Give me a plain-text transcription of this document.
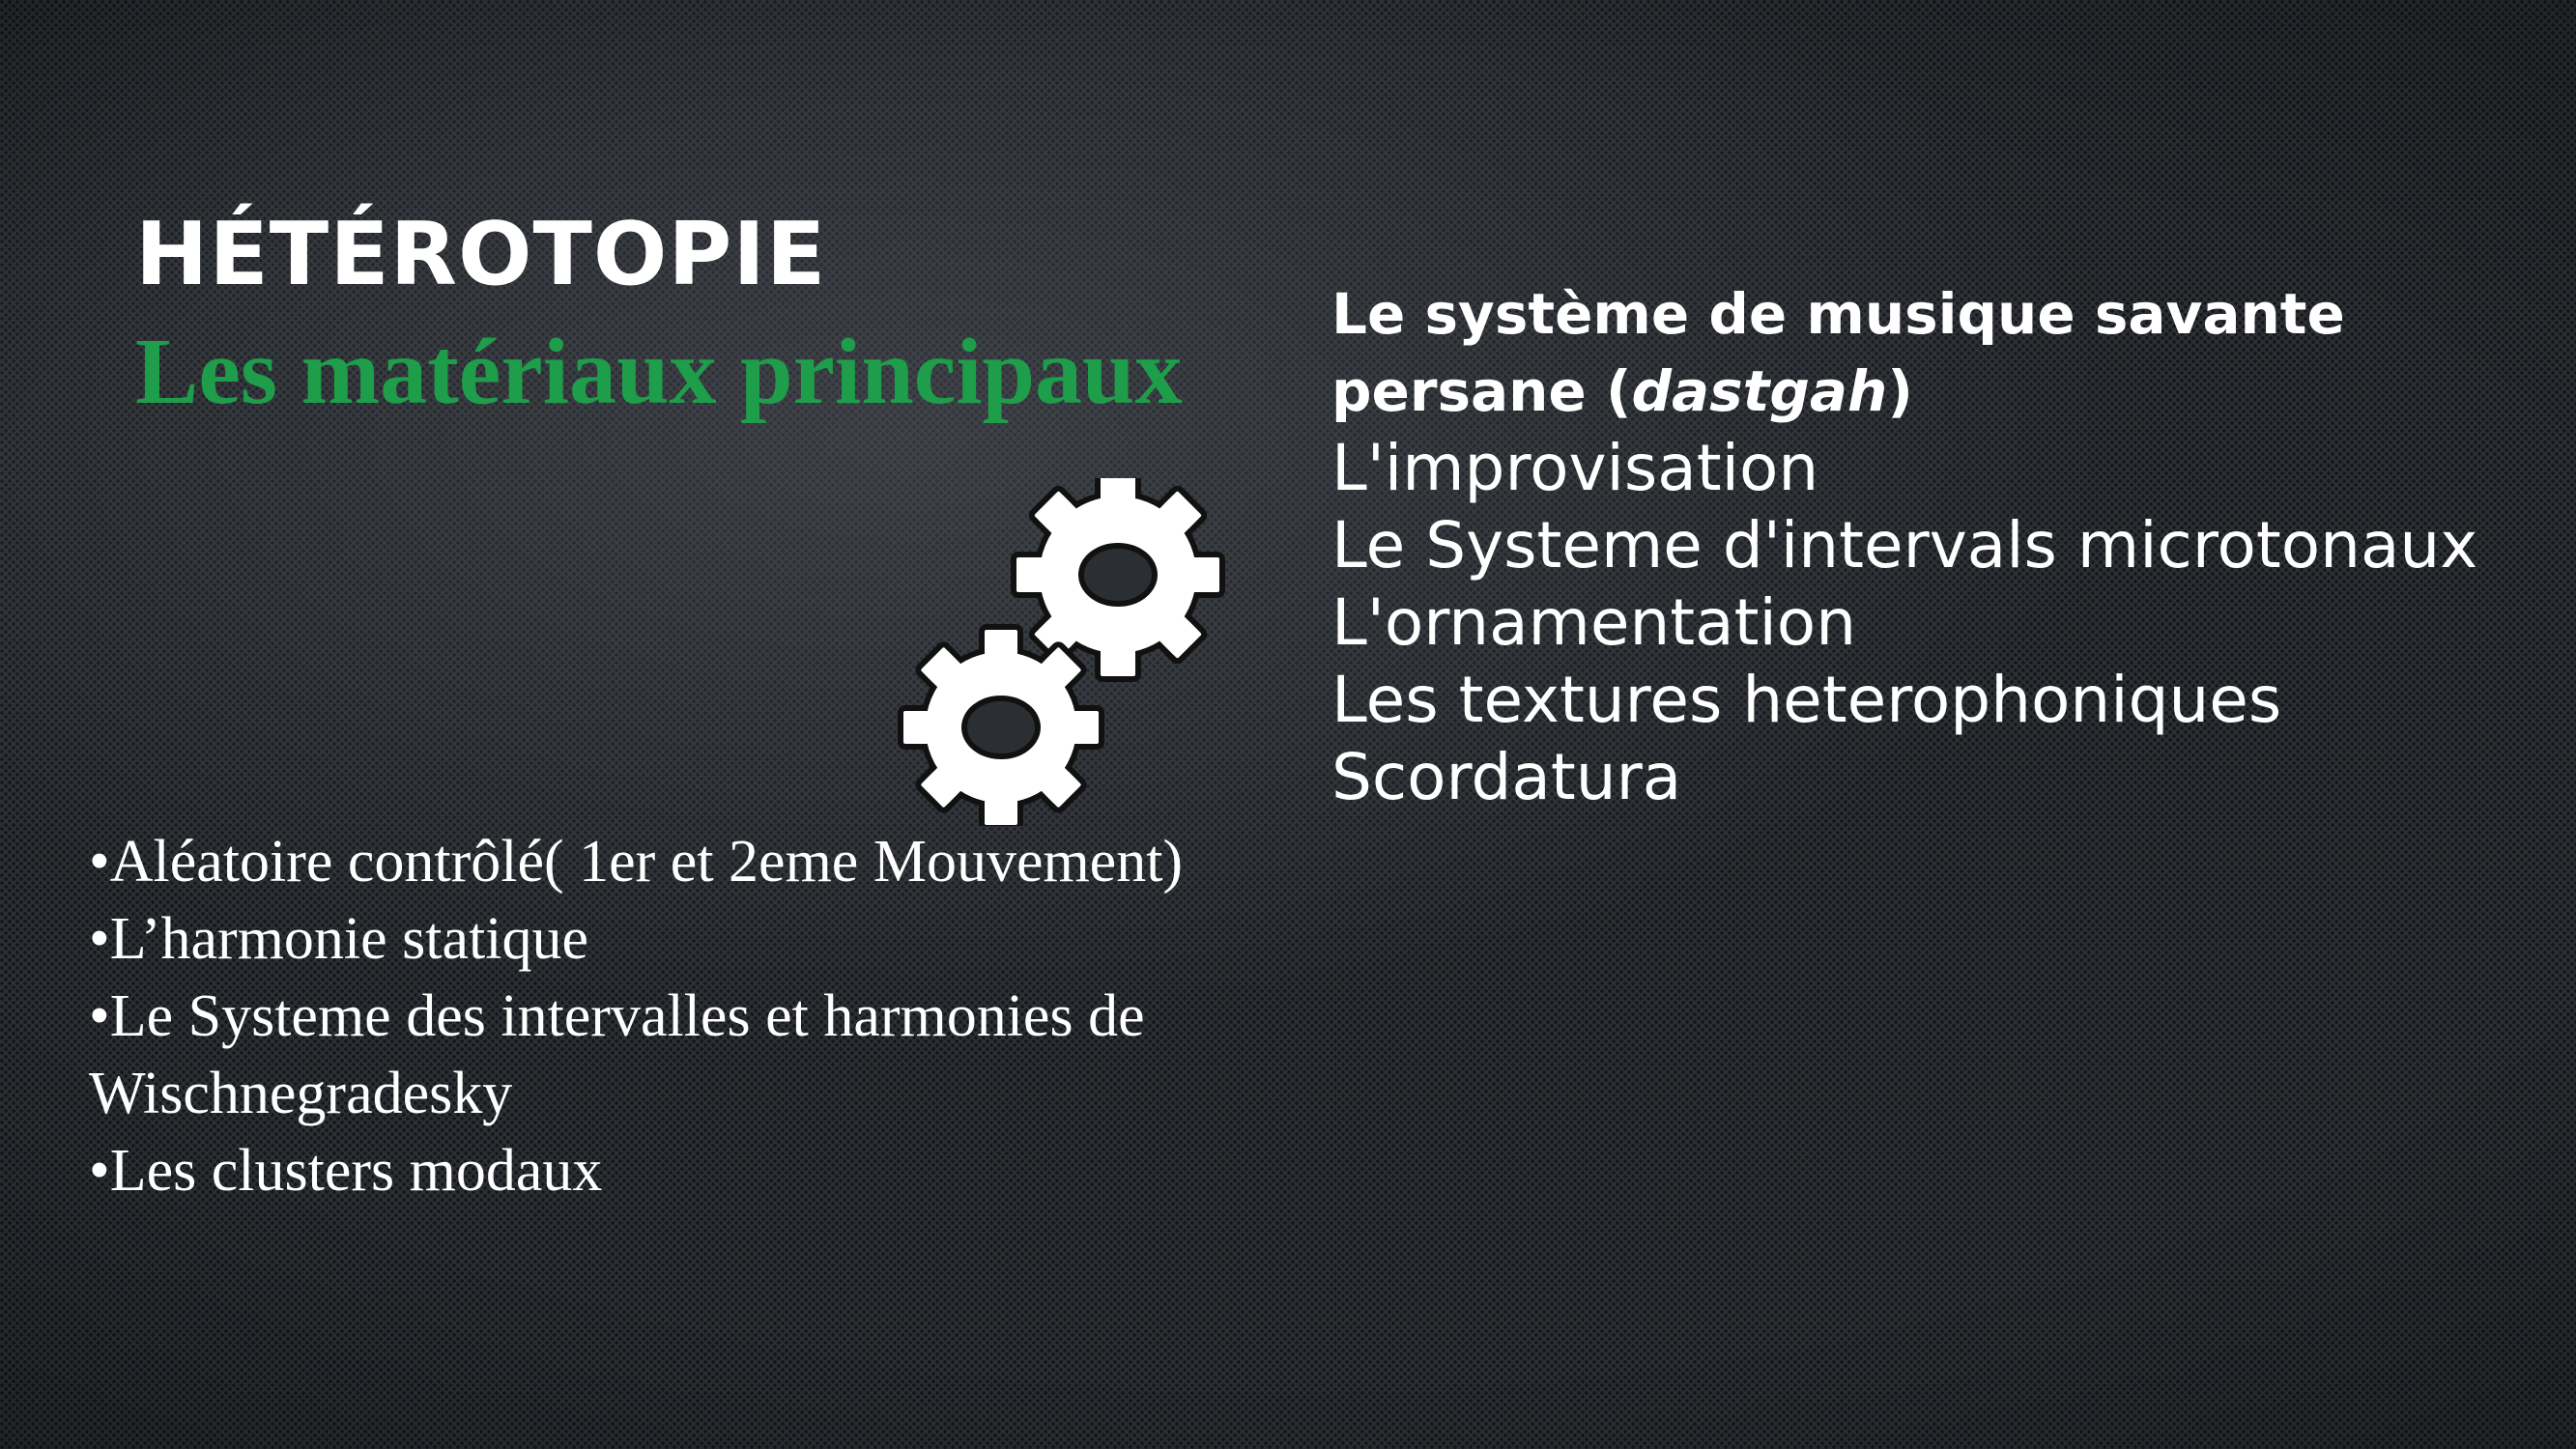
HÉTÉROTOPIE
Les matériaux principaux
Le système de musique savante persane (dastgah)
L'improvisation
Le Systeme d'intervals microtonaux
L'ornamentation
Les textures heterophoniques
Scordatura
•Aléatoire contrôlé( 1er et 2eme Mouvement)
•L’harmonie statique
•Le Systeme des intervalles et harmonies de Wischnegradesky
•Les clusters modaux
